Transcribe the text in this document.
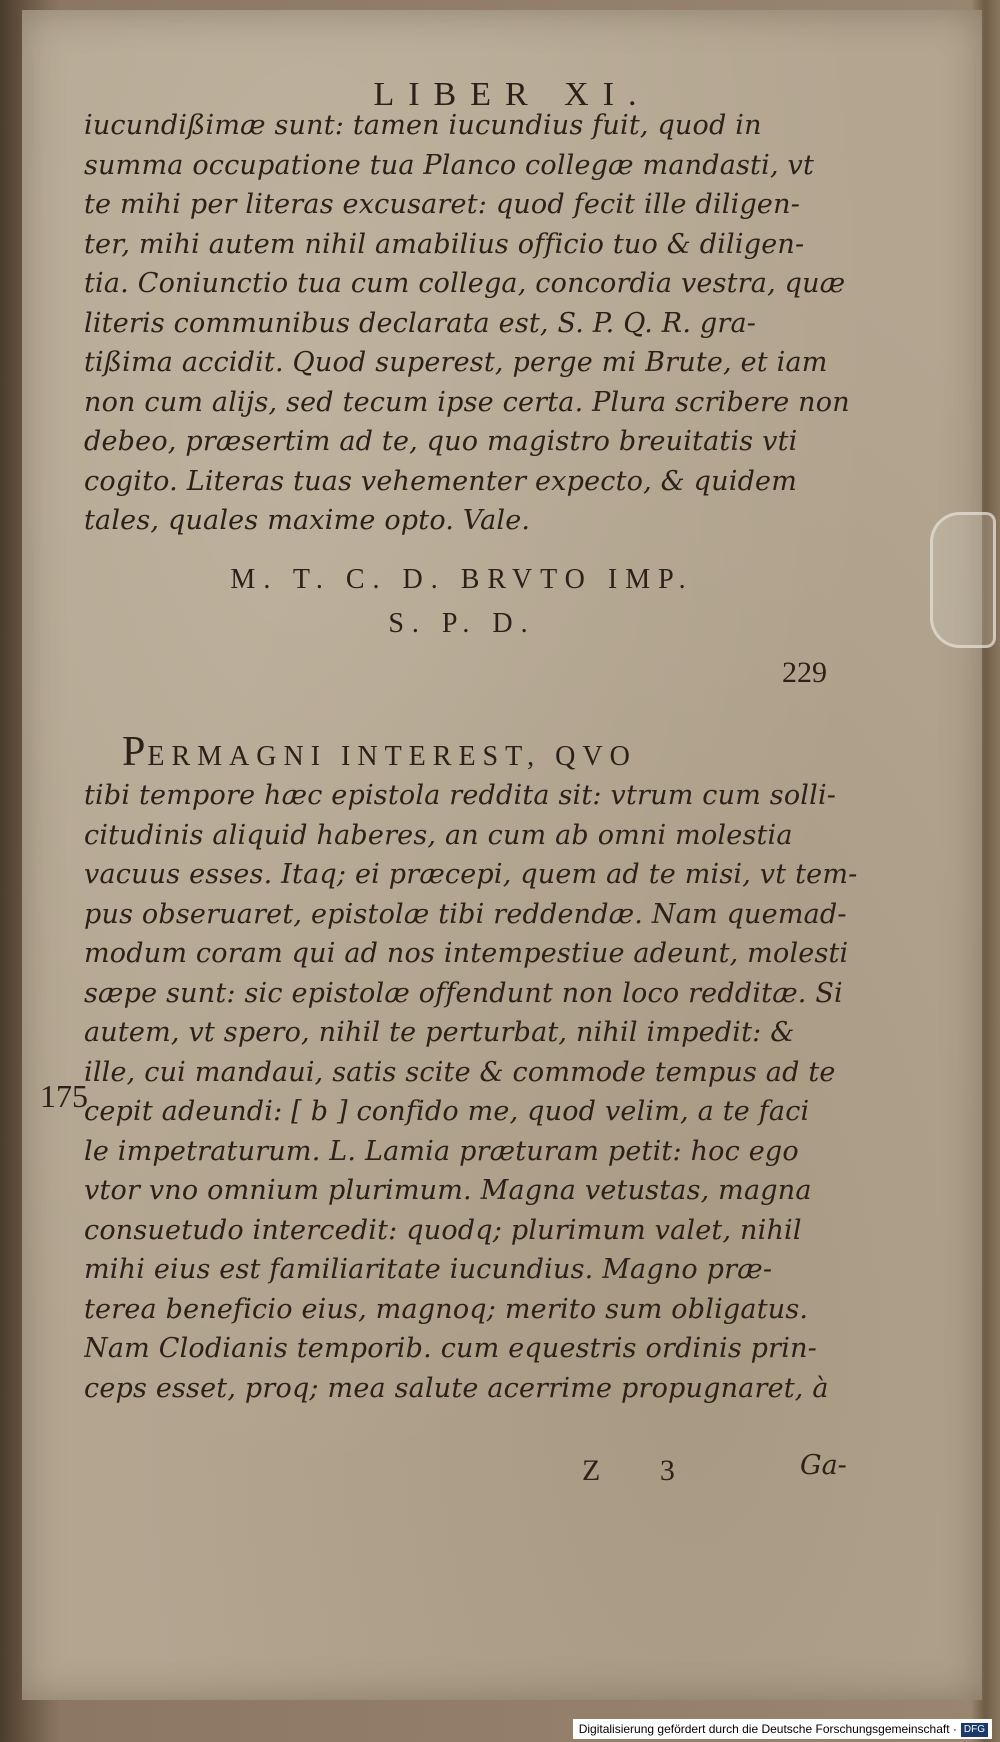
LIBER XI.
iucundißimæ sunt: tamen iucundius fuit, quod in
summa occupatione tua Planco collegæ mandasti, vt
te mihi per literas excusaret: quod fecit ille diligen-
ter, mihi autem nihil amabilius officio tuo & diligen-
tia. Coniunctio tua cum collega, concordia vestra, quæ
literis communibus declarata est, S. P. Q. R. gra-
tißima accidit. Quod superest, perge mi Brute, et iam
non cum alijs, sed tecum ipse certa. Plura scribere non
debeo, præsertim ad te, quo magistro breuitatis vti
cogito. Literas tuas vehementer expecto, & quidem
tales, quales maxime opto. Vale.
M. T. C. D. BRVTO IMP.
S. P. D.
229
PERMAGNI INTEREST, QVO
tibi tempore hæc epistola reddita sit: vtrum cum solli-
citudinis aliquid haberes, an cum ab omni molestia
vacuus esses. Itaq; ei præcepi, quem ad te misi, vt tem-
pus obseruaret, epistolæ tibi reddendæ. Nam quemad-
modum coram qui ad nos intempestiue adeunt, molesti
sæpe sunt: sic epistolæ offendunt non loco redditæ. Si
autem, vt spero, nihil te perturbat, nihil impedit: &
ille, cui mandaui, satis scite & commode tempus ad te
cepit adeundi: [ b ] confido me, quod velim, a te faci
le impetraturum. L. Lamia præturam petit: hoc ego
vtor vno omnium plurimum. Magna vetustas, magna
consuetudo intercedit: quodq; plurimum valet, nihil
mihi eius est familiaritate iucundius. Magno præ-
terea beneficio eius, magnoq; merito sum obligatus.
Nam Clodianis temporib. cum equestris ordinis prin-
ceps esset, proq; mea salute acerrime propugnaret, à
175
Z 3	Ga-
Digitalisierung gefördert durch die Deutsche Forschungsgemeinschaft · DFG
